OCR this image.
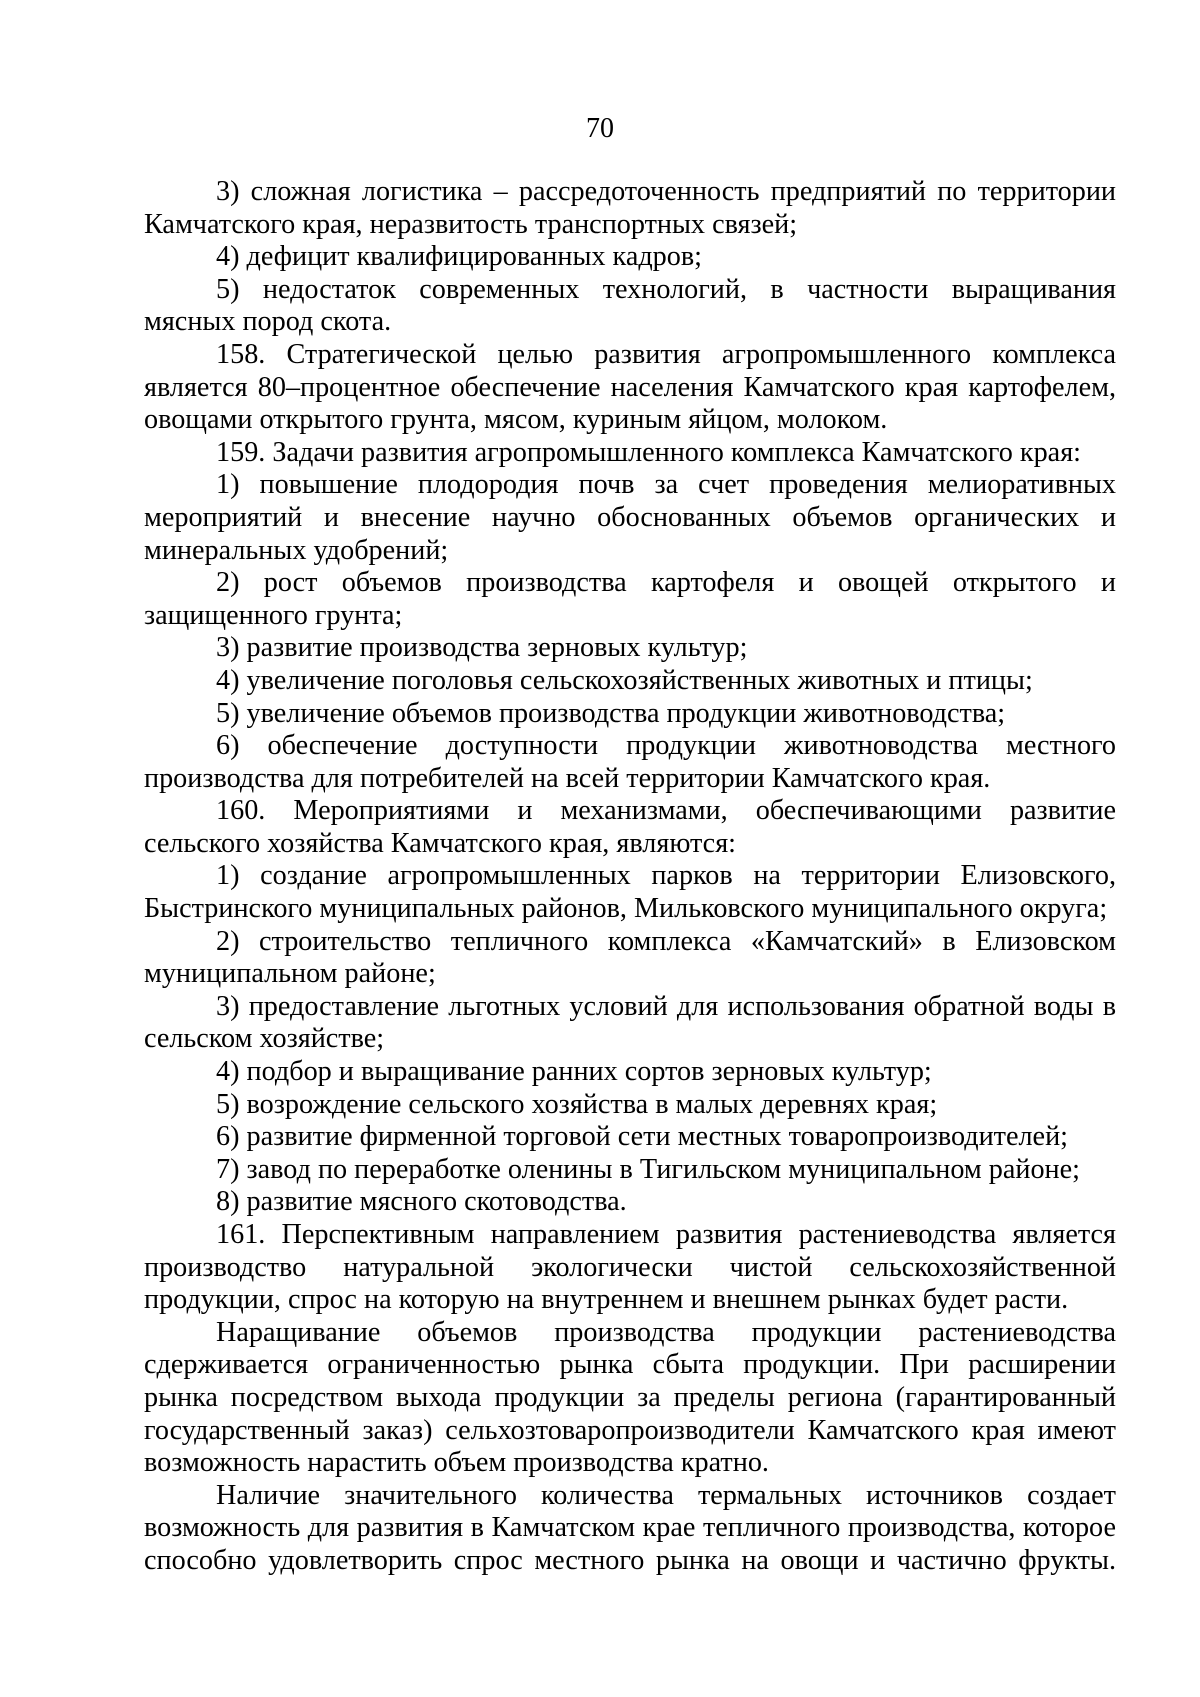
70

3) сложная логистика – рассредоточенность предприятий по территории Камчатского края, неразвитость транспортных связей;

4) дефицит квалифицированных кадров;

5) недостаток современных технологий, в частности выращивания мясных пород скота.

158. Стратегической целью развития агропромышленного комплекса является 80–процентное обеспечение населения Камчатского края картофелем, овощами открытого грунта, мясом, куриным яйцом, молоком.

159. Задачи развития агропромышленного комплекса Камчатского края:

1) повышение плодородия почв за счет проведения мелиоративных мероприятий и внесение научно обоснованных объемов органических и минеральных удобрений;

2) рост объемов производства картофеля и овощей открытого и защищенного грунта;

3) развитие производства зерновых культур;

4) увеличение поголовья сельскохозяйственных животных и птицы;

5) увеличение объемов производства продукции животноводства;

6) обеспечение доступности продукции животноводства местного производства для потребителей на всей территории Камчатского края.

160. Мероприятиями и механизмами, обеспечивающими развитие сельского хозяйства Камчатского края, являются:

1) создание агропромышленных парков на территории Елизовского, Быстринского муниципальных районов, Мильковского муниципального округа;

2) строительство тепличного комплекса «Камчатский» в Елизовском муниципальном районе;

3) предоставление льготных условий для использования обратной воды в сельском хозяйстве;

4) подбор и выращивание ранних сортов зерновых культур;

5) возрождение сельского хозяйства в малых деревнях края;

6) развитие фирменной торговой сети местных товаропроизводителей;

7) завод по переработке оленины в Тигильском муниципальном районе;

8) развитие мясного скотоводства.

161. Перспективным направлением развития растениеводства является производство натуральной экологически чистой сельскохозяйственной продукции, спрос на которую на внутреннем и внешнем рынках будет расти.

Наращивание объемов производства продукции растениеводства сдерживается ограниченностью рынка сбыта продукции. При расширении рынка посредством выхода продукции за пределы региона (гарантированный государственный заказ) сельхозтоваропроизводители Камчатского края имеют возможность нарастить объем производства кратно.

Наличие значительного количества термальных источников создает возможность для развития в Камчатском крае тепличного производства, которое способно удовлетворить спрос местного рынка на овощи и частично фрукты.
